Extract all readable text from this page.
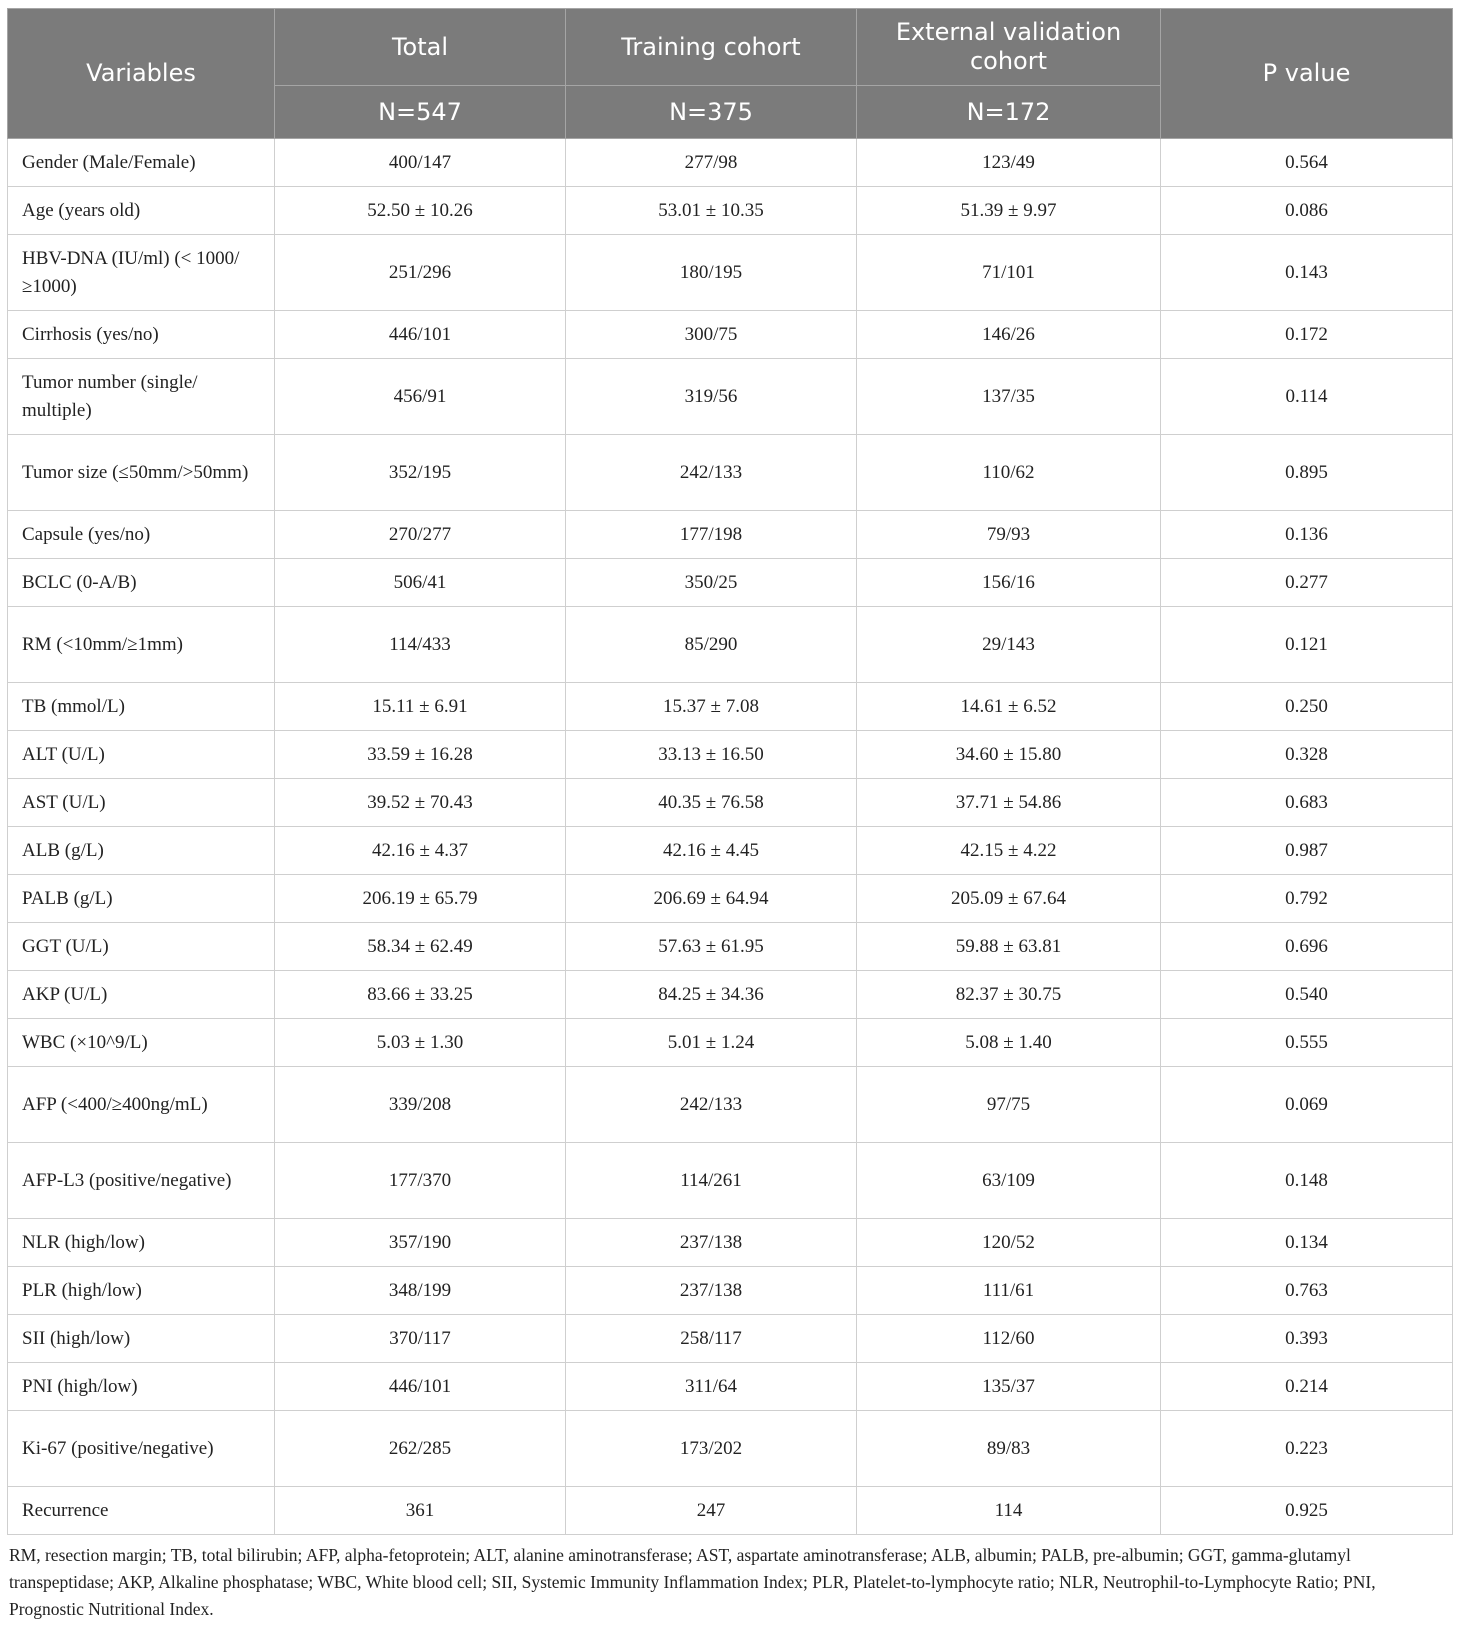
Variables	Total	Training cohort	External validation cohort	P value
	N=547	N=375	N=172	
Gender (Male/Female)	400/147	277/98	123/49	0.564
Age (years old)	52.50 ± 10.26	53.01 ± 10.35	51.39 ± 9.97	0.086
HBV-DNA (IU/ml) (< 1000/≥1000)	251/296	180/195	71/101	0.143
Cirrhosis (yes/no)	446/101	300/75	146/26	0.172
Tumor number (single/ multiple)	456/91	319/56	137/35	0.114
Tumor size (≤50mm/>50mm)	352/195	242/133	110/62	0.895
Capsule (yes/no)	270/277	177/198	79/93	0.136
BCLC (0-A/B)	506/41	350/25	156/16	0.277
RM (<10mm/≥1mm)	114/433	85/290	29/143	0.121
TB (mmol/L)	15.11 ± 6.91	15.37 ± 7.08	14.61 ± 6.52	0.250
ALT (U/L)	33.59 ± 16.28	33.13 ± 16.50	34.60 ± 15.80	0.328
AST (U/L)	39.52 ± 70.43	40.35 ± 76.58	37.71 ± 54.86	0.683
ALB (g/L)	42.16 ± 4.37	42.16 ± 4.45	42.15 ± 4.22	0.987
PALB (g/L)	206.19 ± 65.79	206.69 ± 64.94	205.09 ± 67.64	0.792
GGT (U/L)	58.34 ± 62.49	57.63 ± 61.95	59.88 ± 63.81	0.696
AKP (U/L)	83.66 ± 33.25	84.25 ± 34.36	82.37 ± 30.75	0.540
WBC (×10^9/L)	5.03 ± 1.30	5.01 ± 1.24	5.08 ± 1.40	0.555
AFP (<400/≥400ng/mL)	339/208	242/133	97/75	0.069
AFP-L3 (positive/negative)	177/370	114/261	63/109	0.148
NLR (high/low)	357/190	237/138	120/52	0.134
PLR (high/low)	348/199	237/138	111/61	0.763
SII (high/low)	370/117	258/117	112/60	0.393
PNI (high/low)	446/101	311/64	135/37	0.214
Ki-67 (positive/negative)	262/285	173/202	89/83	0.223
Recurrence	361	247	114	0.925
RM, resection margin; TB, total bilirubin; AFP, alpha-fetoprotein; ALT, alanine aminotransferase; AST, aspartate aminotransferase; ALB, albumin; PALB, pre-albumin; GGT, gamma-glutamyl transpeptidase; AKP, Alkaline phosphatase; WBC, White blood cell; SII, Systemic Immunity Inflammation Index; PLR, Platelet-to-lymphocyte ratio; NLR, Neutrophil-to-Lymphocyte Ratio; PNI, Prognostic Nutritional Index.
